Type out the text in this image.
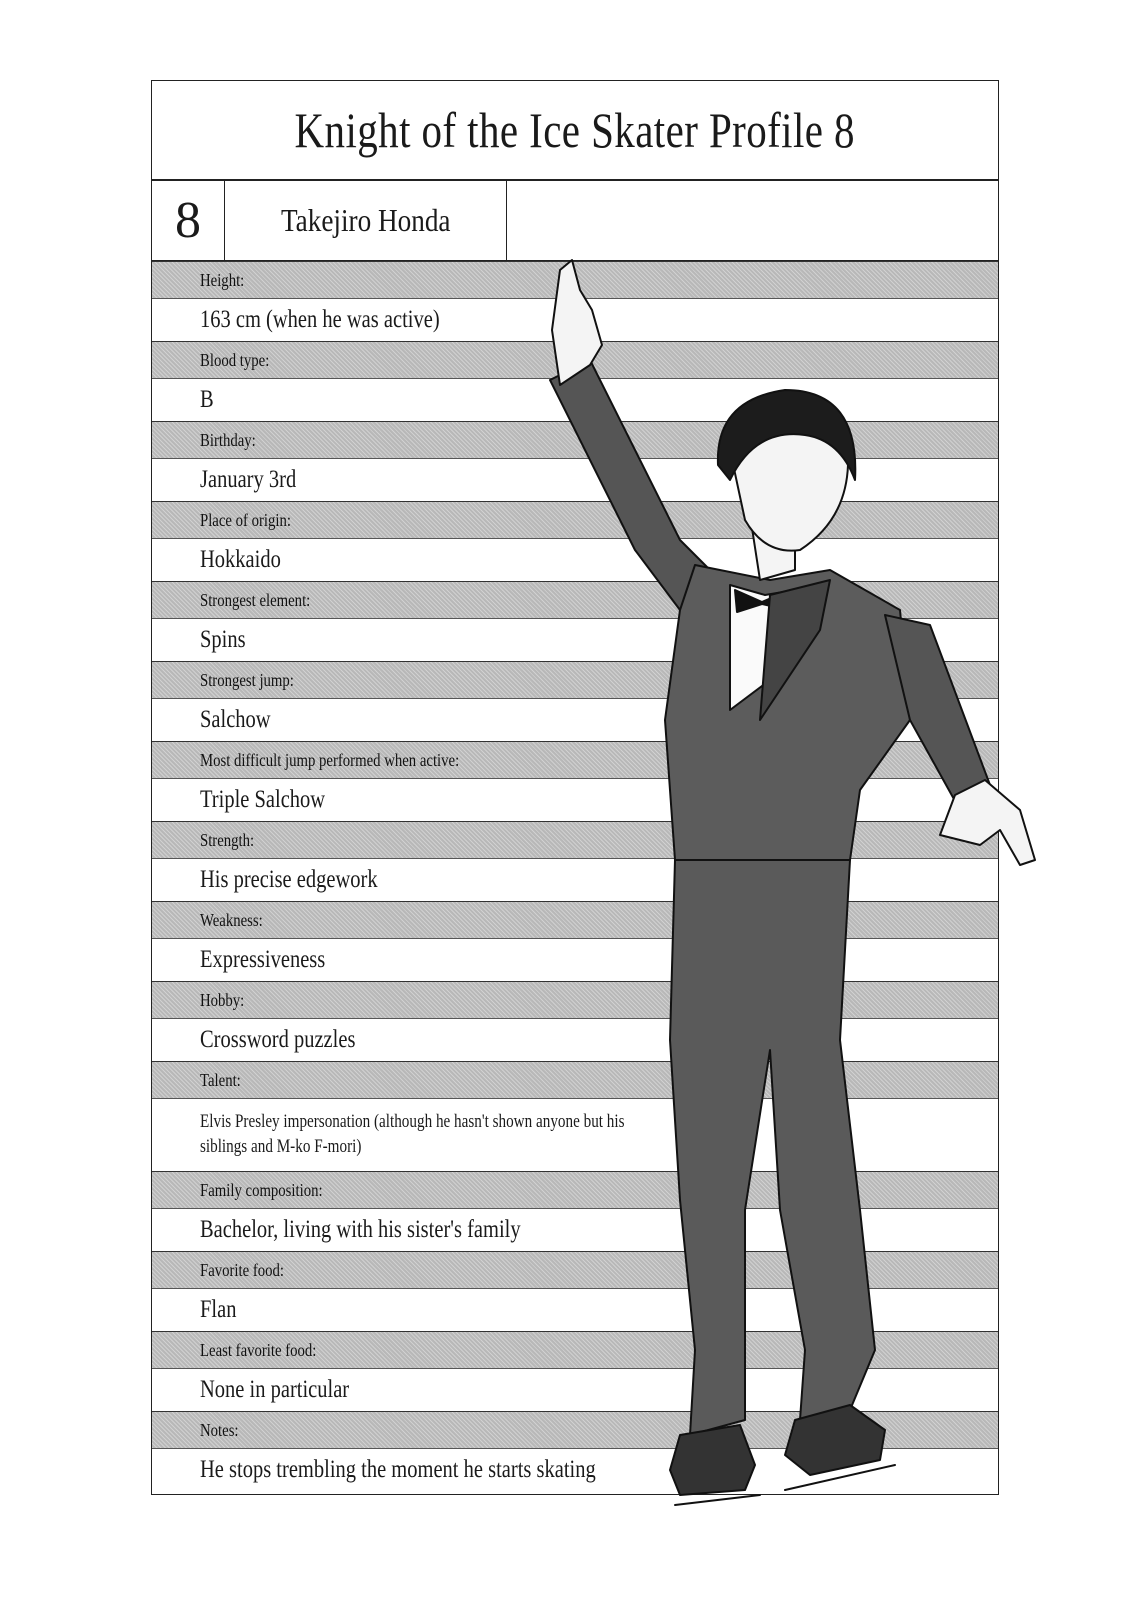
Knight of the Ice Skater Profile 8
8	Takejiro Honda
Height:
163 cm (when he was active)
Blood type:
B
Birthday:
January 3rd
Place of origin:
Hokkaido
Strongest element:
Spins
Strongest jump:
Salchow
Most difficult jump performed when active:
Triple Salchow
Strength:
His precise edgework
Weakness:
Expressiveness
Hobby:
Crossword puzzles
Talent:
Elvis Presley impersonation (although he hasn't shown anyone but his siblings and M-ko F-mori)
Family composition:
Bachelor, living with his sister's family
Favorite food:
Flan
Least favorite food:
None in particular
Notes:
He stops trembling the moment he starts skating
